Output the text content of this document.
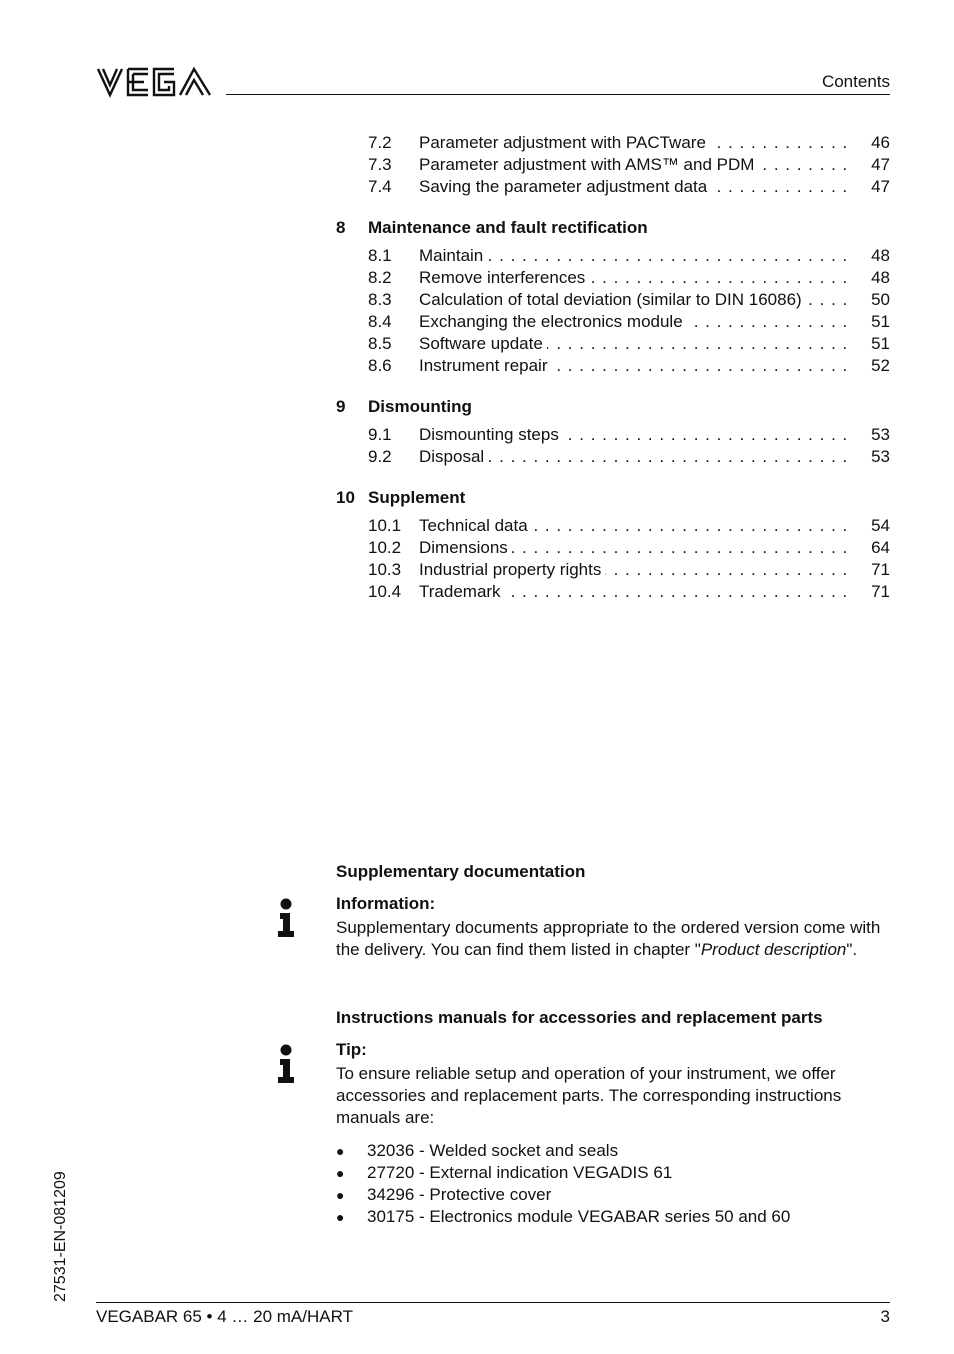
Contents
7.2	Parameter adjustment with PACTware . . .	46
7.3	Parameter adjustment with AMS™ and PDM . . .	47
7.4	Saving the parameter adjustment data . . .	47
8	Maintenance and fault rectification
8.1	Maintain . . .	48
8.2	Remove interferences . . .	48
8.3	Calculation of total deviation (similar to DIN 16086) . . .	50
8.4	Exchanging the electronics module . . .	51
8.5	Software update . . .	51
8.6	Instrument repair . . .	52
9	Dismounting
9.1	Dismounting steps . . .	53
9.2	Disposal . . .	53
10 Supplement
10.1	Technical data . . .	54
10.2	Dimensions . . .	64
10.3	Industrial property rights . . .	71
10.4	Trademark . . .	71
Supplementary documentation
Information:
Supplementary documents appropriate to the ordered version come with the delivery. You can find them listed in chapter "Product description".
Instructions manuals for accessories and replacement parts
Tip:
To ensure reliable setup and operation of your instrument, we offer accessories and replacement parts. The corresponding instructions manuals are:
●	32036 - Welded socket and seals
●	27720 - External indication VEGADIS 61
●	34296 - Protective cover
●	30175 - Electronics module VEGABAR series 50 and 60
27531-EN-081209
VEGABAR 65 • 4 … 20 mA/HART	3
